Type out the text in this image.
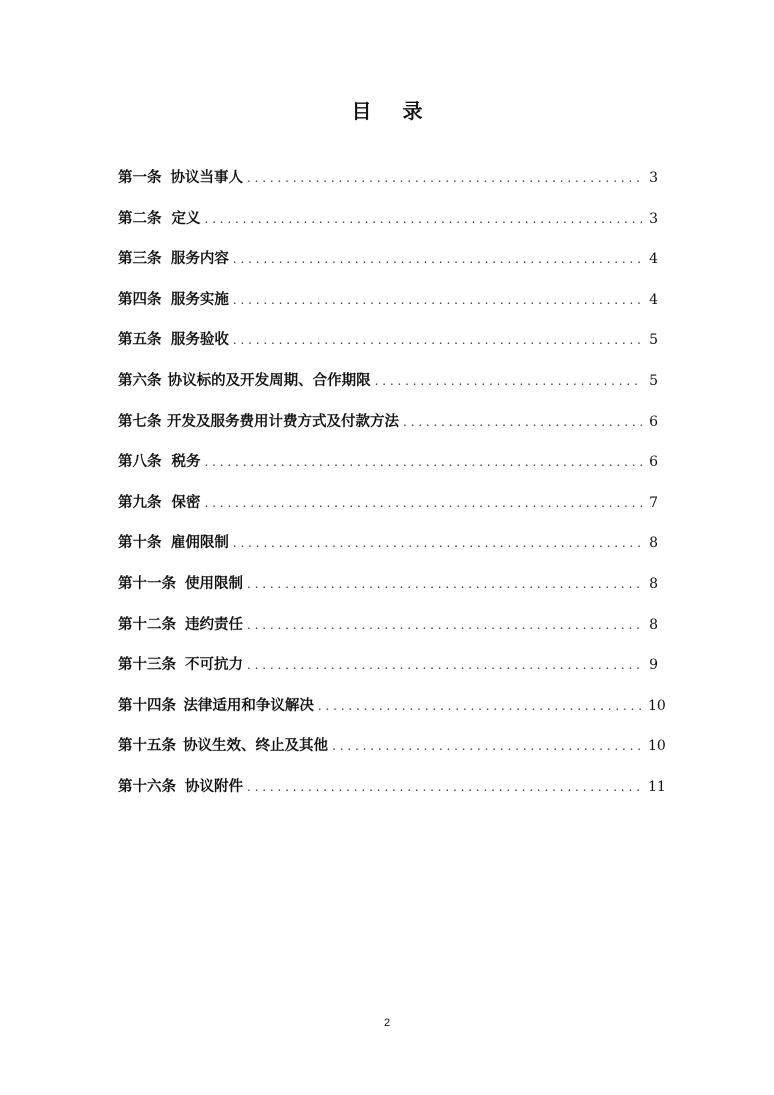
目 录
第一条 协议当事人 . . .	3
第二条 定义 . . .	3
第三条 服务内容 . . .	4
第四条 服务实施 . . .	4
第五条 服务验收 . . .	5
第六条 协议标的及开发周期、合作期限 . . .	5
第七条 开发及服务费用计费方式及付款方法 . . .	6
第八条 税务 . . .	6
第九条 保密 . . .	7
第十条 雇佣限制 . . .	8
第十一条 使用限制 . . .	8
第十二条 违约责任 . . .	8
第十三条 不可抗力 . . .	9
第十四条 法律适用和争议解决 . . .	10
第十五条 协议生效、终止及其他 . . .	10
第十六条 协议附件 . . .	11
2
